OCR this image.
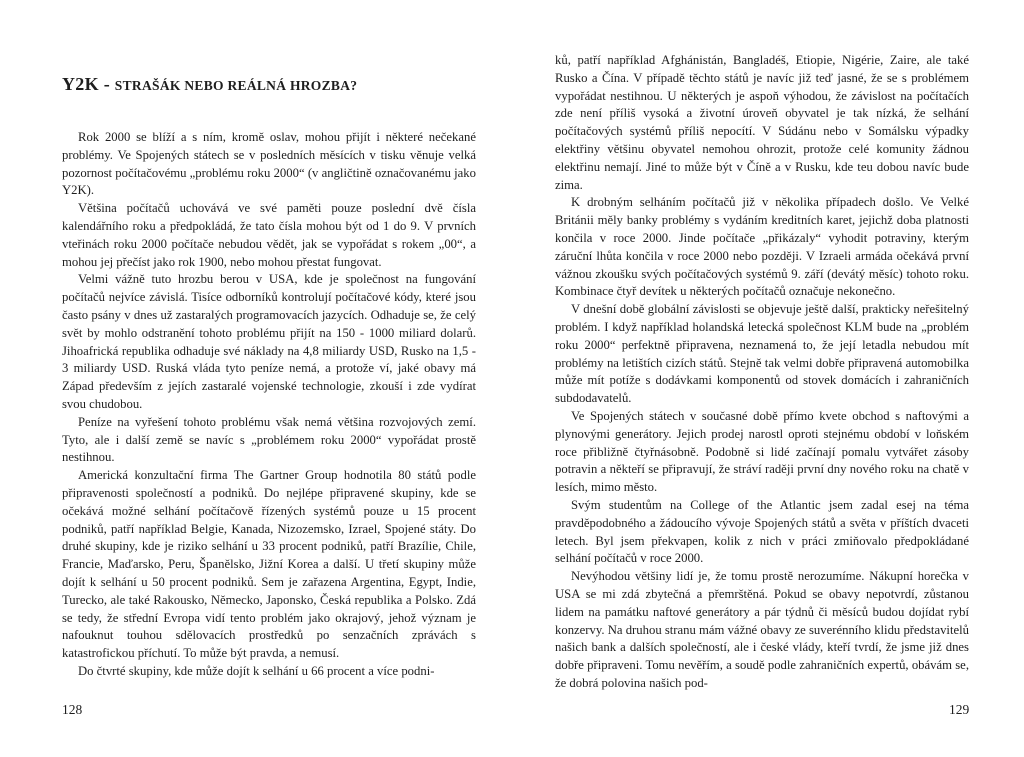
Y2K - STRAŠÁK NEBO REÁLNÁ HROZBA?

Rok 2000 se blíží a s ním, kromě oslav, mohou přijít i některé nečekané problémy. Ve Spojených státech se v posledních měsících v tisku věnuje velká pozornost počítačovému „problému roku 2000“ (v angličtině označovanému jako Y2K).

Většina počítačů uchovává ve své paměti pouze poslední dvě čísla kalendářního roku a předpokládá, že tato čísla mohou být od 1 do 9. V prvních vteřinách roku 2000 počítače nebudou vědět, jak se vypořádat s rokem „00“, a mohou jej přečíst jako rok 1900, nebo mohou přestat fungovat.

Velmi vážně tuto hrozbu berou v USA, kde je společnost na fungování počítačů nejvíce závislá. Tisíce odborníků kontrolují počítačové kódy, které jsou často psány v dnes už zastaralých programovacích jazycích. Odhaduje se, že celý svět by mohlo odstranění tohoto problému přijít na 150 - 1000 miliard dolarů. Jihoafrická republika odhaduje své náklady na 4,8 miliardy USD, Rusko na 1,5 - 3 miliardy USD. Ruská vláda tyto peníze nemá, a protože ví, jaké obavy má Západ především z jejích zastaralé vojenské technologie, zkouší i zde vydírat svou chudobou.

Peníze na vyřešení tohoto problému však nemá většina rozvojových zemí. Tyto, ale i další země se navíc s „problémem roku 2000“ vypořádat prostě nestihnou.

Americká konzultační firma The Gartner Group hodnotila 80 států podle připravenosti společností a podniků. Do nejlépe připravené skupiny, kde se očekává možné selhání počítačově řízených systémů pouze u 15 procent podniků, patří například Belgie, Kanada, Nizozemsko, Izrael, Spojené státy. Do druhé skupiny, kde je riziko selhání u 33 procent podniků, patří Brazílie, Chile, Francie, Maďarsko, Peru, Španělsko, Jižní Korea a další. U třetí skupiny může dojít k selhání u 50 procent podniků. Sem je zařazena Argentina, Egypt, Indie, Turecko, ale také Rakousko, Německo, Japonsko, Česká republika a Polsko. Zdá se tedy, že střední Evropa vidí tento problém jako okrajový, jehož význam je nafouknut touhou sdělovacích prostředků po senzačních zprávách s katastrofickou příchutí. To může být pravda, a nemusí.

Do čtvrté skupiny, kde může dojít k selhání u 66 procent a více podni-

128

ků, patří například Afghánistán, Bangladéš, Etiopie, Nigérie, Zaire, ale také Rusko a Čína. V případě těchto států je navíc již teď jasné, že se s problémem vypořádat nestihnou. U některých je aspoň výhodou, že závislost na počítačích zde není příliš vysoká a životní úroveň obyvatel je tak nízká, že selhání počítačových systémů příliš nepocítí. V Súdánu nebo v Somálsku výpadky elektřiny většinu obyvatel nemohou ohrozit, protože celé komunity žádnou elektřinu nemají. Jiné to může být v Číně a v Rusku, kde teu dobou navíc bude zima.

K drobným selháním počítačů již v několika případech došlo. Ve Velké Británii měly banky problémy s vydáním kreditních karet, jejichž doba platnosti končila v roce 2000. Jinde počítače „přikázaly“ vyhodit potraviny, kterým záruční lhůta končila v roce 2000 nebo později. V Izraeli armáda očekává první vážnou zkoušku svých počítačových systémů 9. září (devátý měsíc) tohoto roku. Kombinace čtyř devítek u některých počítačů označuje nekonečno.

V dnešní době globální závislosti se objevuje ještě další, prakticky neřešitelný problém. I když například holandská letecká společnost KLM bude na „problém roku 2000“ perfektně připravena, neznamená to, že její letadla nebudou mít problémy na letištích cizích států. Stejně tak velmi dobře připravená automobilka může mít potíže s dodávkami komponentů od stovek domácích i zahraničních subdodavatelů.

Ve Spojených státech v současné době přímo kvete obchod s naftovými a plynovými generátory. Jejich prodej narostl oproti stejnému období v loňském roce přibližně čtyřnásobně. Podobně si lidé začínají pomalu vytvářet zásoby potravin a někteří se připravují, že stráví raději první dny nového roku na chatě v lesích, mimo město.

Svým studentům na College of the Atlantic jsem zadal esej na téma pravděpodobného a žádoucího vývoje Spojených států a světa v příštích dvaceti letech. Byl jsem překvapen, kolik z nich v práci zmiňovalo předpokládané selhání počítačů v roce 2000.

Nevýhodou většiny lidí je, že tomu prostě nerozumíme. Nákupní horečka v USA se mi zdá zbytečná a přemrštěná. Pokud se obavy nepotvrdí, zůstanou lidem na památku naftové generátory a pár týdnů či měsíců budou dojídat rybí konzervy. Na druhou stranu mám vážné obavy ze suverénního klidu představitelů našich bank a dalších společností, ale i české vlády, kteří tvrdí, že jsme již dnes dobře připraveni. Tomu nevěřím, a soudě podle zahraničních expertů, obávám se, že dobrá polovina našich pod-

129
